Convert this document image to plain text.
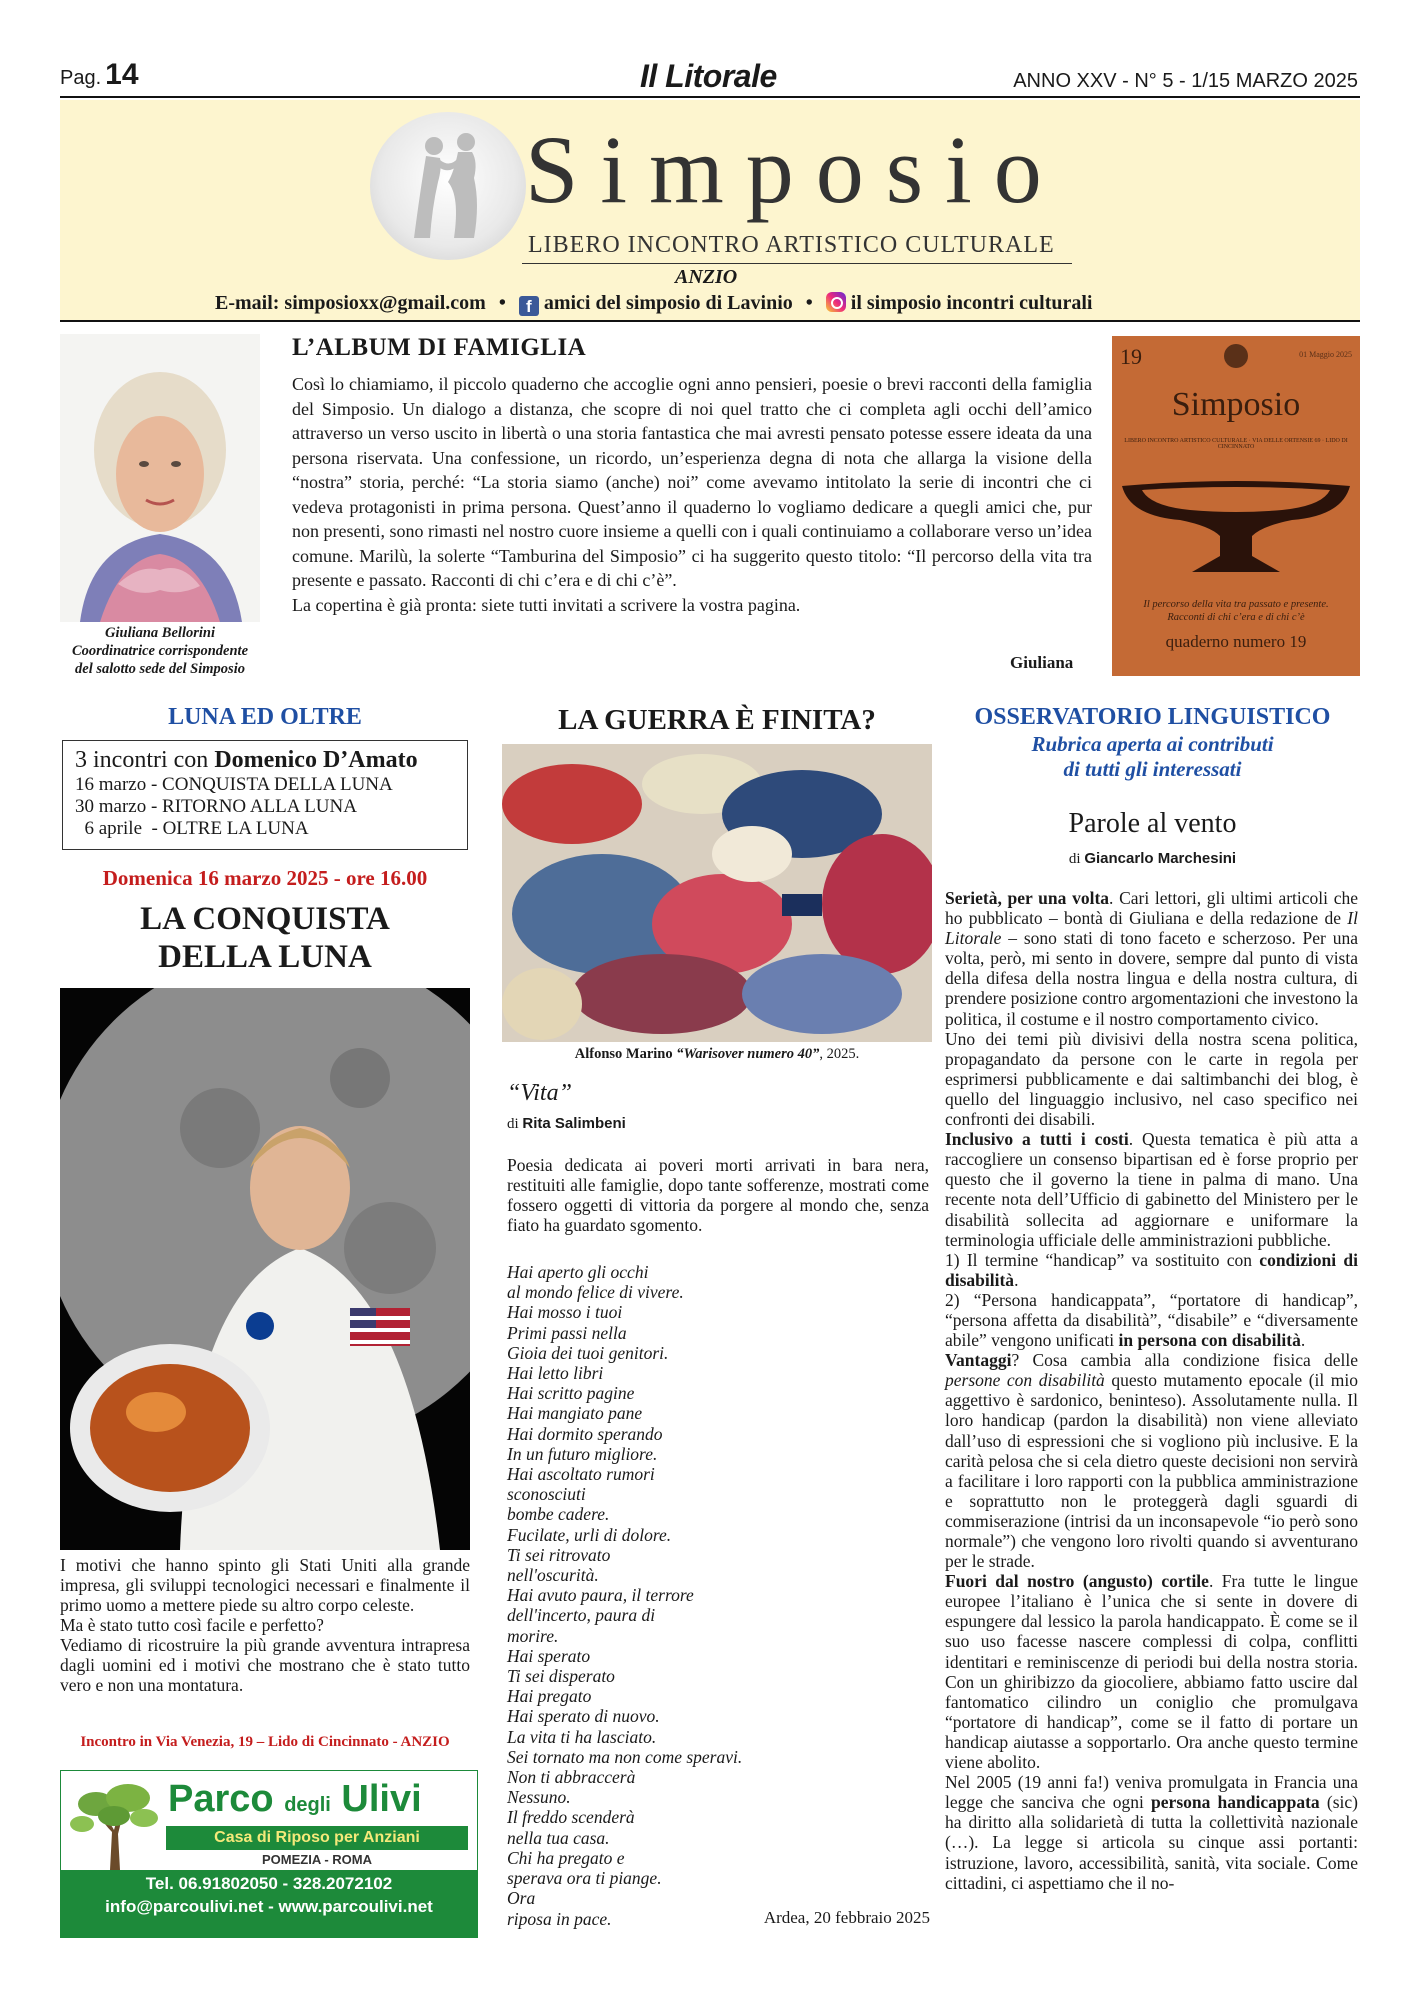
Pag. 14	Il Litorale	ANNO XXV - N° 5 - 1/15 MARZO 2025
Simposio
LIBERO INCONTRO ARTISTICO CULTURALE
ANZIO
E-mail: simposioxx@gmail.com • f amici del simposio di Lavinio • il simposio incontri culturali
Giuliana Bellorini
Coordinatrice corrispondente
del salotto sede del Simposio
L’ALBUM DI FAMIGLIA

Così lo chiamiamo, il piccolo quaderno che accoglie ogni anno pensieri, poesie o brevi racconti della famiglia del Simposio. Un dialogo a distanza, che scopre di noi quel tratto che ci completa agli occhi dell’amico attraverso un verso uscito in libertà o una storia fantastica che mai avresti pensato potesse essere ideata da una persona riservata. Una confessione, un ricordo, un’esperienza degna di nota che allarga la visione della “nostra” storia, perché: “La storia siamo (anche) noi” come avevamo intitolato la serie di incontri che ci vedeva protagonisti in prima persona. Quest’anno il quaderno lo vogliamo dedicare a quegli amici che, pur non presenti, sono rimasti nel nostro cuore insieme a quelli con i quali continuiamo a collaborare verso un’idea comune. Marilù, la solerte “Tamburina del Simposio” ci ha suggerito questo titolo: “Il percorso della vita tra presente e passato. Racconti di chi c’era e di chi c’è”.

La copertina è già pronta: siete tutti invitati a scrivere la vostra pagina.

Giuliana
19	01 Maggio 2025
Simposio
LIBERO INCONTRO ARTISTICO CULTURALE · VIA DELLE ORTENSIE 69 · LIDO DI CINCINNATO
Il percorso della vita tra passato e presente.
Racconti di chi c’era e di chi c’è
quaderno numero 19
LUNA ED OLTRE
3 incontri con Domenico D’Amato
16 marzo - CONQUISTA DELLA LUNA
30 marzo - RITORNO ALLA LUNA
6 aprile  - OLTRE LA LUNA
Domenica 16 marzo 2025 - ore 16.00
LA CONQUISTA
DELLA LUNA

I motivi che hanno spinto gli Stati Uniti alla grande impresa, gli sviluppi tecnologici necessari e finalmente il primo uomo a mettere piede su altro corpo celeste.

Ma è stato tutto così facile e perfetto?

Vediamo di ricostruire la più grande avventura intrapresa dagli uomini ed i motivi che mostrano che è stato tutto vero e non una montatura.

Incontro in Via Venezia, 19 – Lido di Cincinnato - ANZIO
Parco degli Ulivi
Casa di Riposo per Anziani
POMEZIA - ROMA
Tel. 06.91802050 - 328.2072102
info@parcoulivi.net - www.parcoulivi.net
LA GUERRA È FINITA?
Alfonso Marino “Warisover numero 40”, 2025.
“Vita”
di Rita Salimbeni
Poesia dedicata ai poveri morti arrivati in bara nera, restituiti alle famiglie, dopo tante sofferenze, mostrati come fossero oggetti di vittoria da porgere al mondo che, senza fiato ha guardato sgomento.
Hai aperto gli occhi
al mondo felice di vivere.
Hai mosso i tuoi
Primi passi nella
Gioia dei tuoi genitori.
Hai letto libri
Hai scritto pagine
Hai mangiato pane
Hai dormito sperando
In un futuro migliore.
Hai ascoltato rumori
sconosciuti
bombe cadere.
Fucilate, urli di dolore.
Ti sei ritrovato
nell'oscurità.
Hai avuto paura, il terrore
dell'incerto, paura di
morire.
Hai sperato
Ti sei disperato
Hai pregato
Hai sperato di nuovo.
La vita ti ha lasciato.
Sei tornato ma non come speravi.
Non ti abbraccerà
Nessuno.
Il freddo scenderà
nella tua casa.
Chi ha pregato e
sperava ora ti piange.
Ora
riposa in pace.	Ardea, 20 febbraio 2025
OSSERVATORIO LINGUISTICO
Rubrica aperta ai contributi
di tutti gli interessati
Parole al vento
di Giancarlo Marchesini

Serietà, per una volta. Cari lettori, gli ultimi articoli che ho pubblicato – bontà di Giuliana e della redazione de Il Litorale – sono stati di tono faceto e scherzoso. Per una volta, però, mi sento in dovere, sempre dal punto di vista della difesa della nostra lingua e della nostra cultura, di prendere posizione contro argomentazioni che investono la politica, il costume e il nostro comportamento civico.

Uno dei temi più divisivi della nostra scena politica, propagandato da persone con le carte in regola per esprimersi pubblicamente e dai saltimbanchi dei blog, è quello del linguaggio inclusivo, nel caso specifico nei confronti dei disabili.

Inclusivo a tutti i costi. Questa tematica è più atta a raccogliere un consenso bipartisan ed è forse proprio per questo che il governo la tiene in palma di mano. Una recente nota dell’Ufficio di gabinetto del Ministero per le disabilità sollecita ad aggiornare e uniformare la terminologia ufficiale delle amministrazioni pubbliche.

1) Il termine “handicap” va sostituito con condizioni di disabilità.

2) “Persona handicappata”, “portatore di handicap”, “persona affetta da disabilità”, “disabile” e “diversamente abile” vengono unificati in persona con disabilità.

Vantaggi? Cosa cambia alla condizione fisica delle persone con disabilità questo mutamento epocale (il mio aggettivo è sardonico, beninteso). Assolutamente nulla. Il loro handicap (pardon la disabilità) non viene alleviato dall’uso di espressioni che si vogliono più inclusive. E la carità pelosa che si cela dietro queste decisioni non servirà a facilitare i loro rapporti con la pubblica amministrazione e soprattutto non le proteggerà dagli sguardi di commiserazione (intrisi da un inconsapevole “io però sono normale”) che vengono loro rivolti quando si avventurano per le strade.

Fuori dal nostro (angusto) cortile. Fra tutte le lingue europee l’italiano è l’unica che si sente in dovere di espungere dal lessico la parola handicappato. È come se il suo uso facesse nascere complessi di colpa, conflitti identitari e reminiscenze di periodi bui della nostra storia. Con un ghiribizzo da giocoliere, abbiamo fatto uscire dal fantomatico cilindro un coniglio che promulgava “portatore di handicap”, come se il fatto di portare un handicap aiutasse a sopportarlo. Ora anche questo termine viene abolito.

Nel 2005 (19 anni fa!) veniva promulgata in Francia una legge che sanciva che ogni persona handicappata (sic) ha diritto alla solidarietà di tutta la collettività nazionale (…). La legge si articola su cinque assi portanti: istruzione, lavoro, accessibilità, sanità, vita sociale. Come cittadini, ci aspettiamo che il no-
